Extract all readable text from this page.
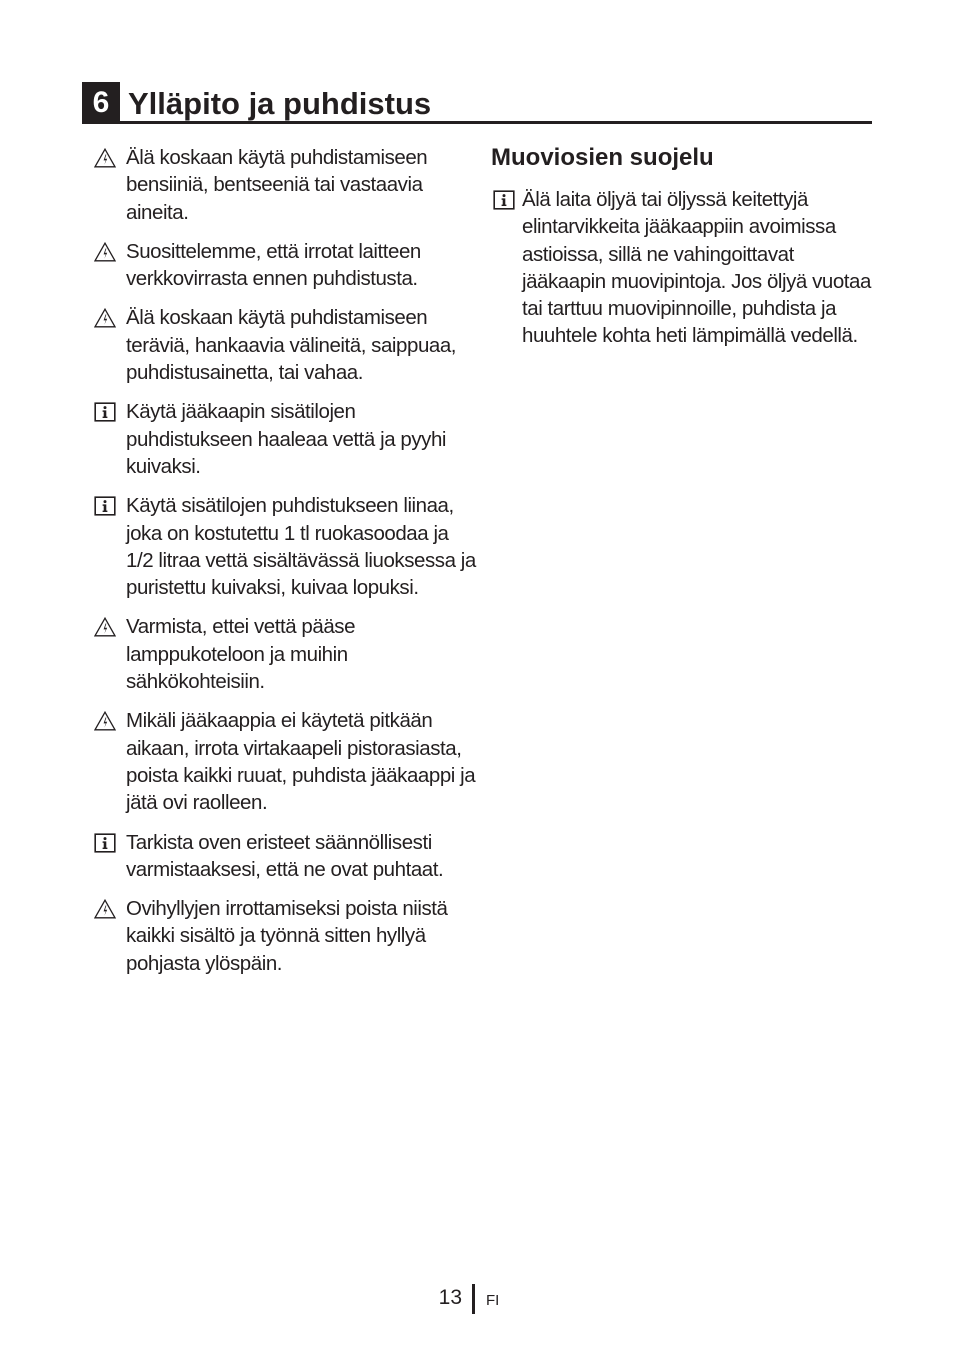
6 Ylläpito ja puhdistus
Älä koskaan käytä puhdistamiseen bensiiniä, bentseeniä tai vastaavia aineita.
Suosittelemme, että irrotat laitteen verkkovirrasta ennen puhdistusta.
Älä koskaan käytä puhdistamiseen teräviä, hankaavia välineitä, saippuaa, puhdistusainetta, tai vahaa.
Käytä jääkaapin sisätilojen puhdistukseen haaleaa vettä ja pyyhi kuivaksi.
Käytä sisätilojen puhdistukseen liinaa, joka on kostutettu 1 tl ruokasoodaa ja 1/2 litraa vettä sisältävässä liuoksessa ja puristettu kuivaksi, kuivaa lopuksi.
Varmista, ettei vettä pääse lamppukoteloon ja muihin sähkökohteisiin.
Mikäli jääkaappia ei käytetä pitkään aikaan, irrota virtakaapeli pistorasiasta, poista kaikki ruuat, puhdista jääkaappi ja jätä ovi raolleen.
Tarkista oven eristeet säännöllisesti varmistaaksesi, että ne ovat puhtaat.
Ovihyllyjen irrottamiseksi poista niistä kaikki sisältö ja työnnä sitten hyllyä pohjasta ylöspäin.
Muoviosien suojelu
Älä laita öljyä tai öljyssä keitettyjä elintarvikkeita jääkaappiin avoimissa astioissa, sillä ne vahingoittavat jääkaapin muovipintoja. Jos öljyä vuotaa tai tarttuu muovipinnoille, puhdista ja huuhtele kohta heti lämpimällä vedellä.
13 FI
